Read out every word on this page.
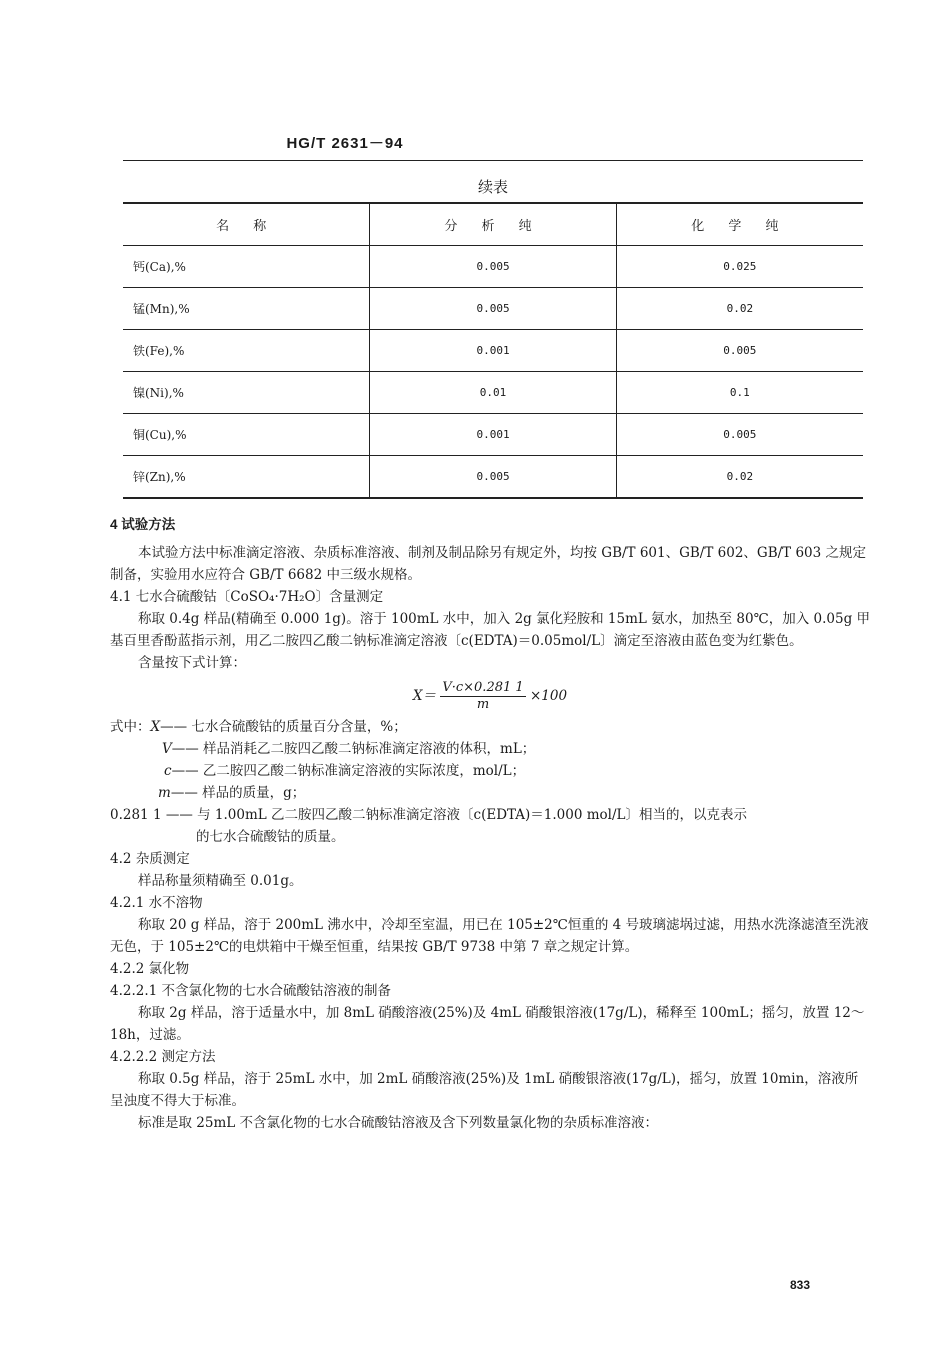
HG/T 2631－94
续表
名 称	分 析 纯	化 学 纯
钙(Ca),%	0.005	0.025
锰(Mn),%	0.005	0.02
铁(Fe),%	0.001	0.005
镍(Ni),%	0.01	0.1
铜(Cu),%	0.001	0.005
锌(Zn),%	0.005	0.02

4 试验方法

本试验方法中标准滴定溶液、杂质标准溶液、制剂及制品除另有规定外，均按 GB/T 601、GB/T 602、GB/T 603 之规定制备，实验用水应符合 GB/T 6682 中三级水规格。

4.1 七水合硫酸钴〔CoSO₄·7H₂O〕含量测定

称取 0.4g 样品(精确至 0.000 1g)。溶于 100mL 水中，加入 2g 氯化羟胺和 15mL 氨水，加热至 80℃，加入 0.05g 甲基百里香酚蓝指示剂，用乙二胺四乙酸二钠标准滴定溶液〔c(EDTA)＝0.05mol/L〕滴定至溶液由蓝色变为红紫色。

含量按下式计算：

$X= \frac{V\cdot c\times 0.281 1}{m} \times 100$

式中：X—— 七水合硫酸钴的质量百分含量，%；

V—— 样品消耗乙二胺四乙酸二钠标准滴定溶液的体积，mL；

c—— 乙二胺四乙酸二钠标准滴定溶液的实际浓度，mol/L；

m—— 样品的质量，g；

0.281 1 —— 与 1.00mL 乙二胺四乙酸二钠标准滴定溶液〔c(EDTA)＝1.000 mol/L〕相当的，以克表示

的七水合硫酸钴的质量。

4.2 杂质测定

样品称量须精确至 0.01g。

4.2.1 水不溶物

称取 20 g 样品，溶于 200mL 沸水中，冷却至室温，用已在 105±2℃恒重的 4 号玻璃滤埚过滤，用热水洗涤滤渣至洗液无色，于 105±2℃的电烘箱中干燥至恒重，结果按 GB/T 9738 中第 7 章之规定计算。

4.2.2 氯化物

4.2.2.1 不含氯化物的七水合硫酸钴溶液的制备

称取 2g 样品，溶于适量水中，加 8mL 硝酸溶液(25%)及 4mL 硝酸银溶液(17g/L)，稀释至 100mL；摇匀，放置 12～18h，过滤。

4.2.2.2 测定方法

称取 0.5g 样品，溶于 25mL 水中，加 2mL 硝酸溶液(25%)及 1mL 硝酸银溶液(17g/L)，摇匀，放置 10min，溶液所呈浊度不得大于标准。

标准是取 25mL 不含氯化物的七水合硫酸钴溶液及含下列数量氯化物的杂质标准溶液：

833
